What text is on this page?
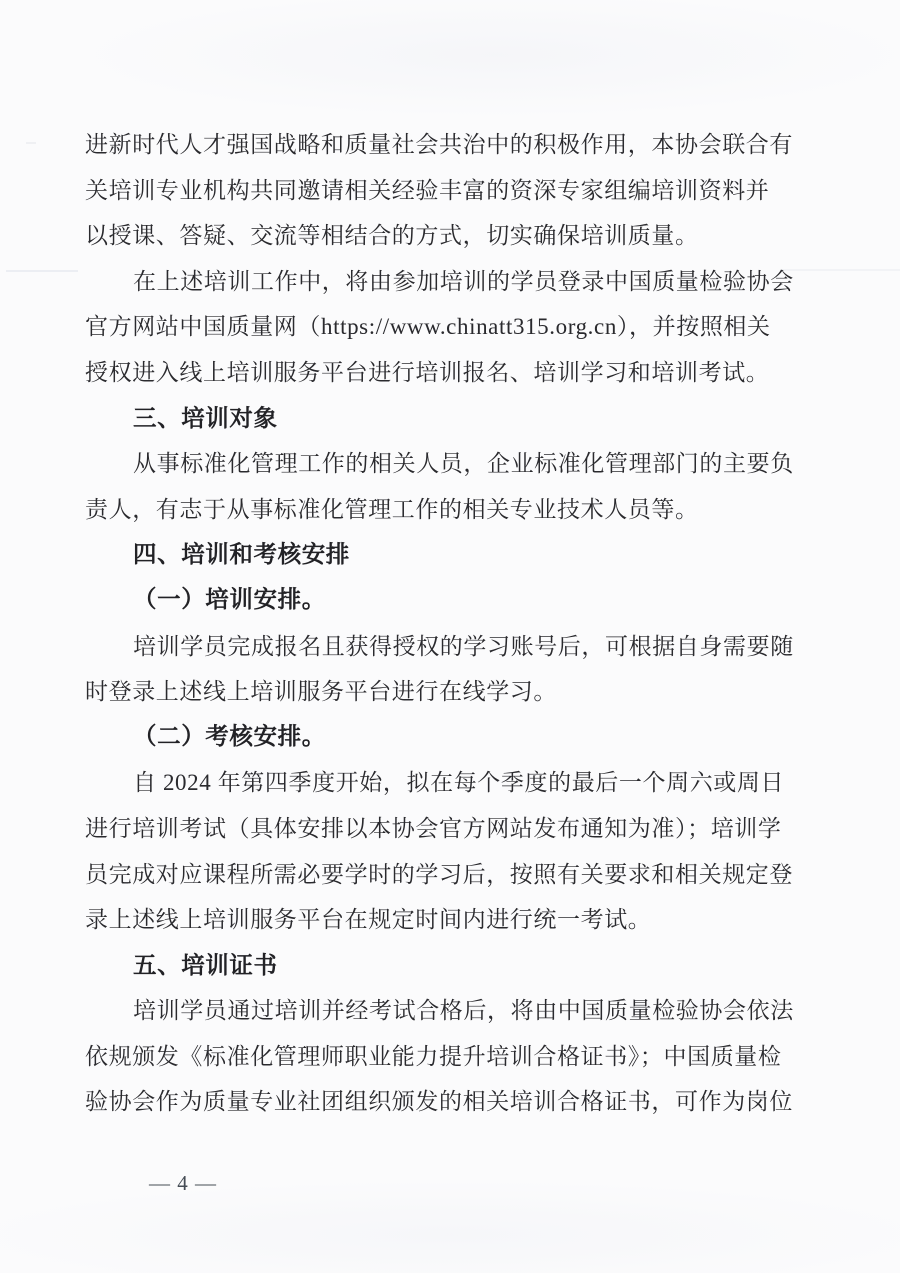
进新时代人才强国战略和质量社会共治中的积极作用，本协会联合有
关培训专业机构共同邀请相关经验丰富的资深专家组编培训资料并
以授课、答疑、交流等相结合的方式，切实确保培训质量。
在上述培训工作中，将由参加培训的学员登录中国质量检验协会
官方网站中国质量网（https://www.chinatt315.org.cn），并按照相关
授权进入线上培训服务平台进行培训报名、培训学习和培训考试。
三、培训对象
从事标准化管理工作的相关人员，企业标准化管理部门的主要负
责人，有志于从事标准化管理工作的相关专业技术人员等。
四、培训和考核安排
（一）培训安排。
培训学员完成报名且获得授权的学习账号后，可根据自身需要随
时登录上述线上培训服务平台进行在线学习。
（二）考核安排。
自 2024 年第四季度开始，拟在每个季度的最后一个周六或周日
进行培训考试（具体安排以本协会官方网站发布通知为准）；培训学
员完成对应课程所需必要学时的学习后，按照有关要求和相关规定登
录上述线上培训服务平台在规定时间内进行统一考试。
五、培训证书
培训学员通过培训并经考试合格后，将由中国质量检验协会依法
依规颁发《标准化管理师职业能力提升培训合格证书》；中国质量检
验协会作为质量专业社团组织颁发的相关培训合格证书，可作为岗位
— 4 —
